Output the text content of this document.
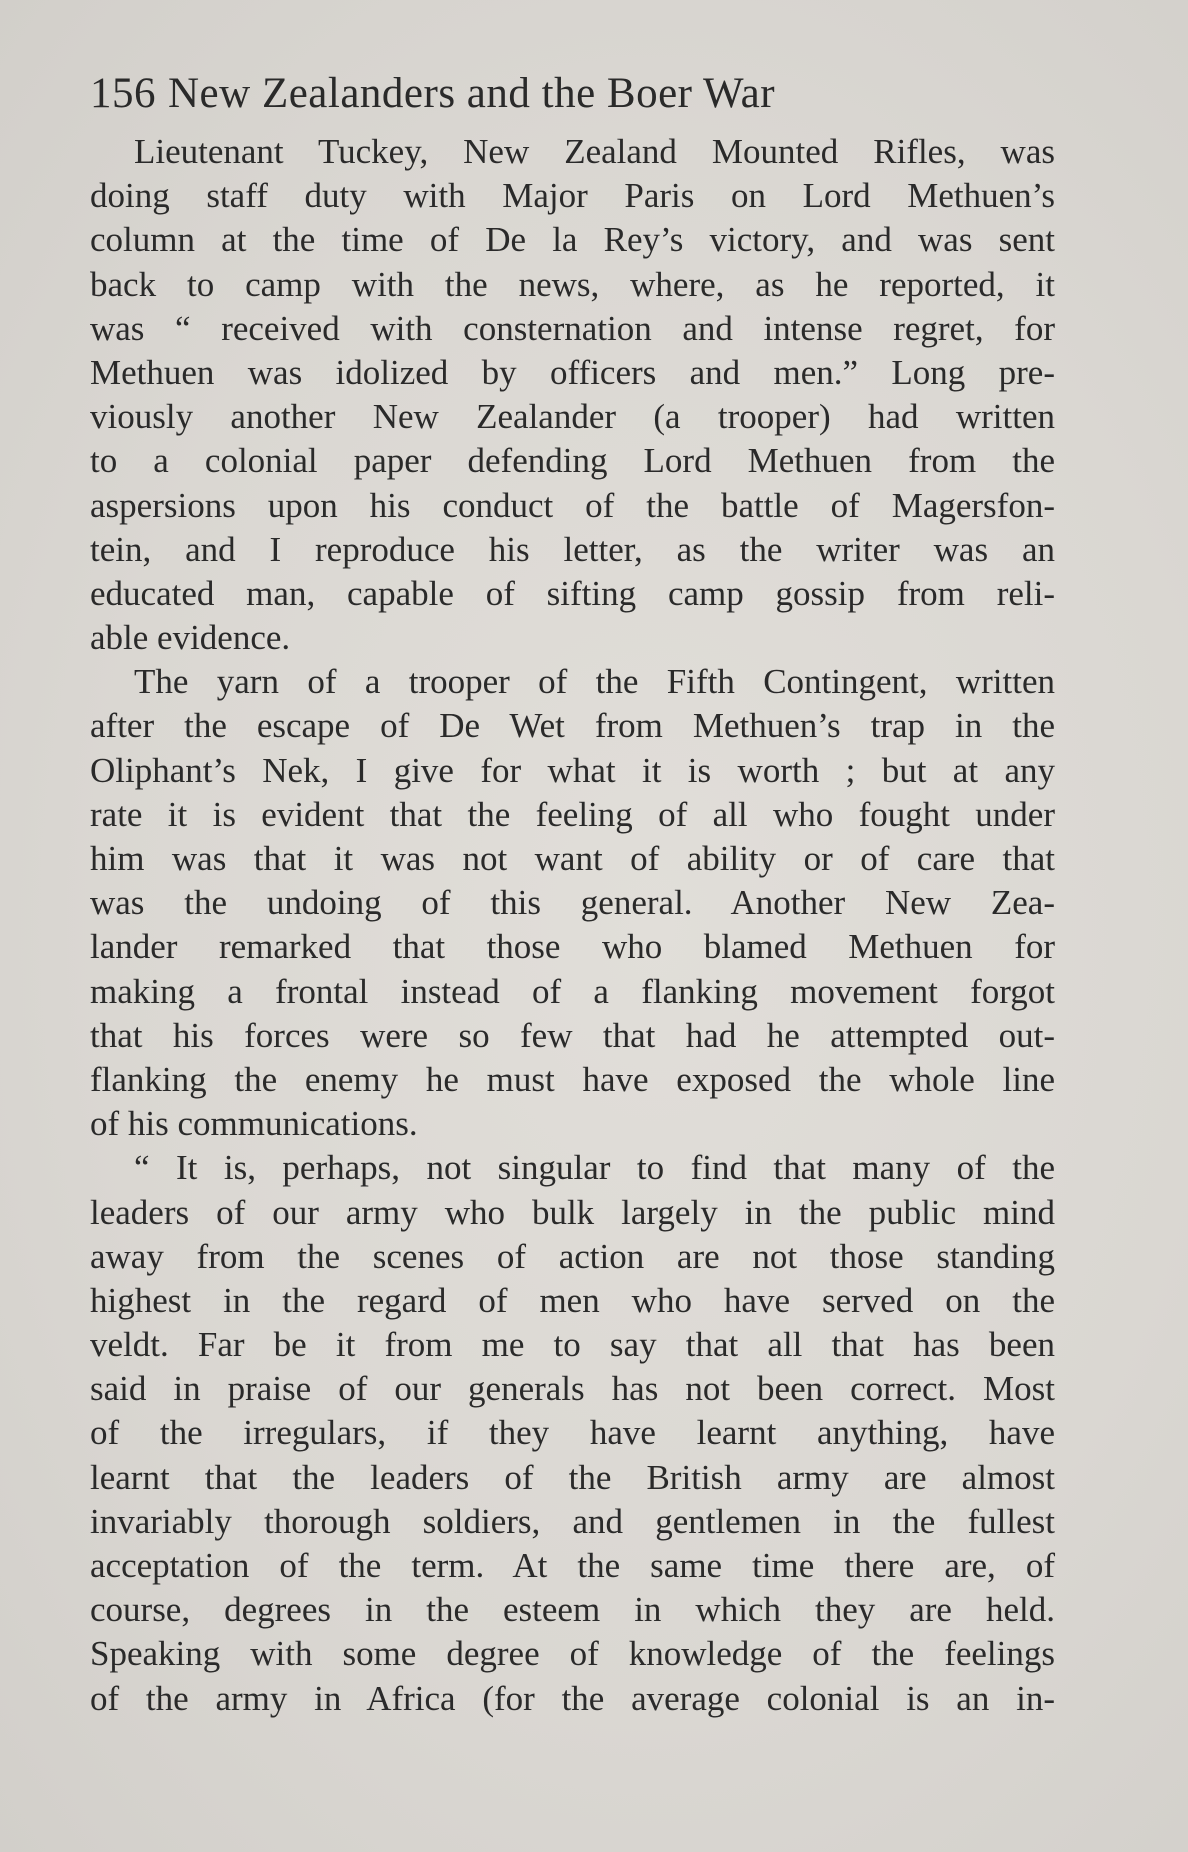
156 New Zealanders and the Boer War
Lieutenant Tuckey, New Zealand Mounted Rifles, was
doing staff duty with Major Paris on Lord Methuen’s
column at the time of De la Rey’s victory, and was sent
back to camp with the news, where, as he reported, it
was “ received with consternation and intense regret, for
Methuen was idolized by officers and men.” Long pre-
viously another New Zealander (a trooper) had written
to a colonial paper defending Lord Methuen from the
aspersions upon his conduct of the battle of Magersfon-
tein, and I reproduce his letter, as the writer was an
educated man, capable of sifting camp gossip from reli-
able evidence.
The yarn of a trooper of the Fifth Contingent, written
after the escape of De Wet from Methuen’s trap in the
Oliphant’s Nek, I give for what it is worth ; but at any
rate it is evident that the feeling of all who fought under
him was that it was not want of ability or of care that
was the undoing of this general. Another New Zea-
lander remarked that those who blamed Methuen for
making a frontal instead of a flanking movement forgot
that his forces were so few that had he attempted out-
flanking the enemy he must have exposed the whole line
of his communications.
“ It is, perhaps, not singular to find that many of the
leaders of our army who bulk largely in the public mind
away from the scenes of action are not those standing
highest in the regard of men who have served on the
veldt. Far be it from me to say that all that has been
said in praise of our generals has not been correct. Most
of the irregulars, if they have learnt anything, have
learnt that the leaders of the British army are almost
invariably thorough soldiers, and gentlemen in the fullest
acceptation of the term. At the same time there are, of
course, degrees in the esteem in which they are held.
Speaking with some degree of knowledge of the feelings
of the army in Africa (for the average colonial is an in-
